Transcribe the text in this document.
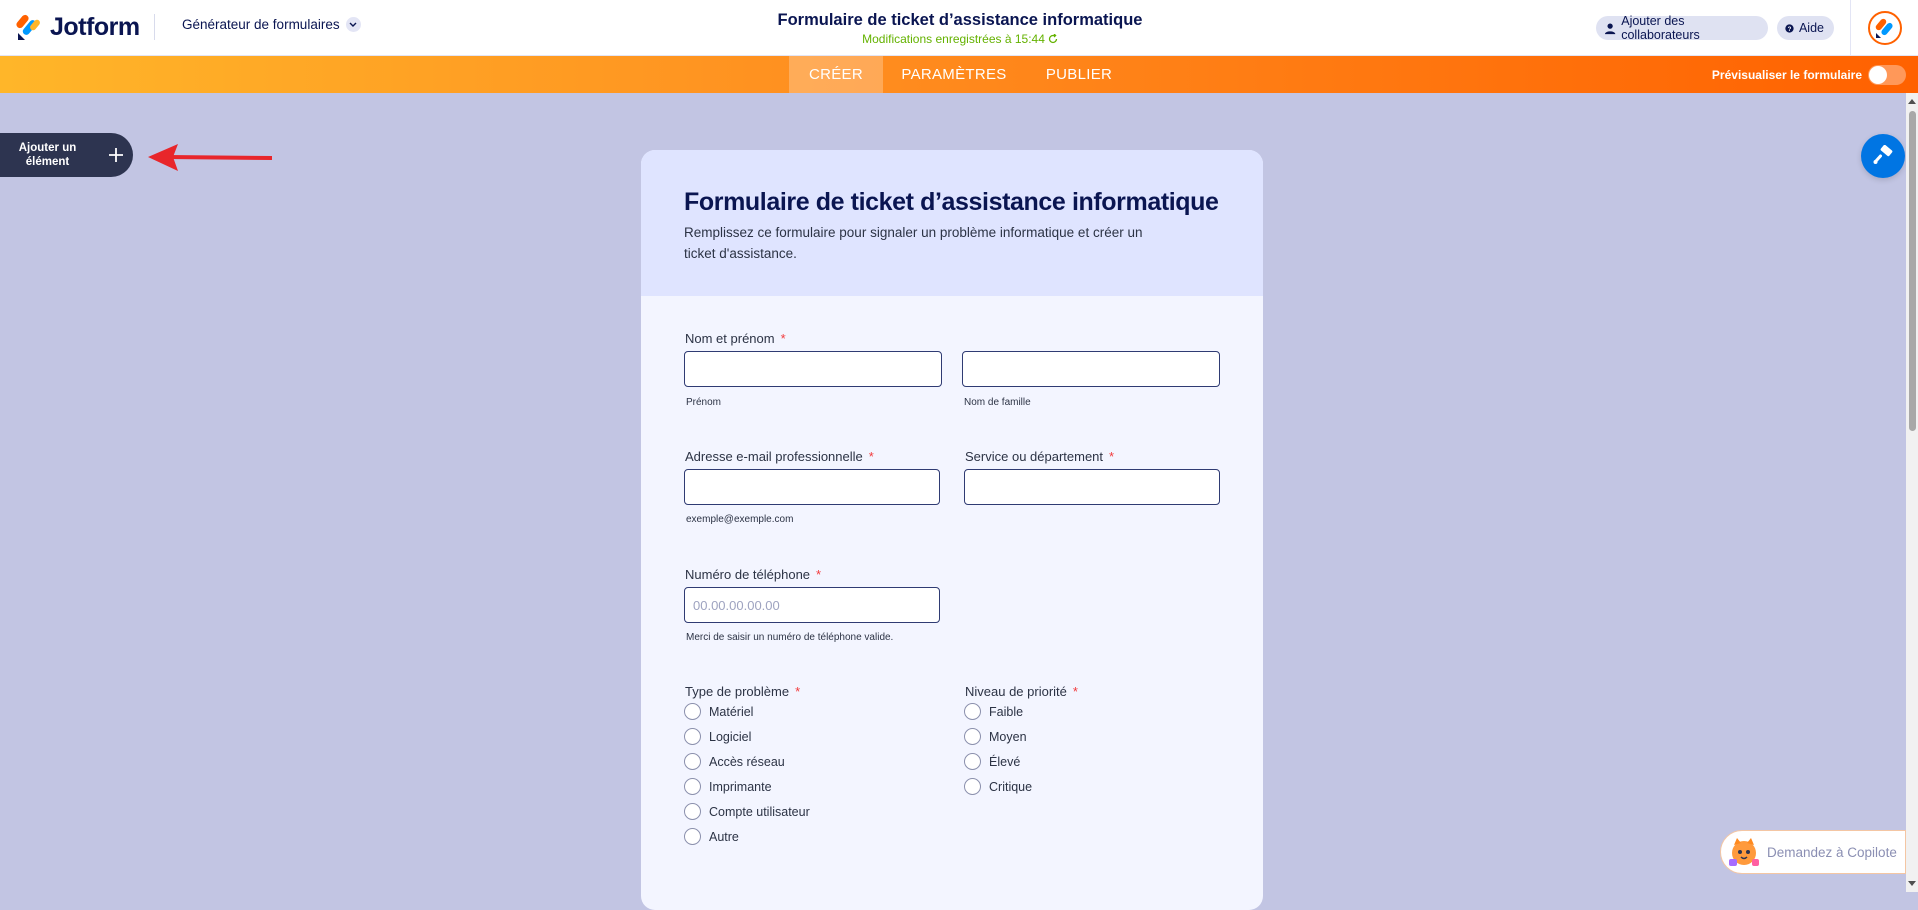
Jotform	Générateur de formulaires	Formulaire de ticket d’assistance informatique
Modifications enregistrées à 15:44
Ajouter des collaborateurs	? Aide
CRÉER	PARAMÈTRES	PUBLIER	Prévisualiser le formulaire
Ajouter un
élément
Formulaire de ticket d’assistance informatique
Remplissez ce formulaire pour signaler un problème informatique et créer un ticket d'assistance.
Nom et prénom *
Prénom	Nom de famille
Adresse e-mail professionnelle *
exemple@exemple.com
Service ou département *
Numéro de téléphone *
00.00.00.00.00
Merci de saisir un numéro de téléphone valide.
Type de problème *
Matériel
Logiciel
Accès réseau
Imprimante
Compte utilisateur
Autre
Niveau de priorité *
Faible
Moyen
Élevé
Critique
Demandez à Copilote
